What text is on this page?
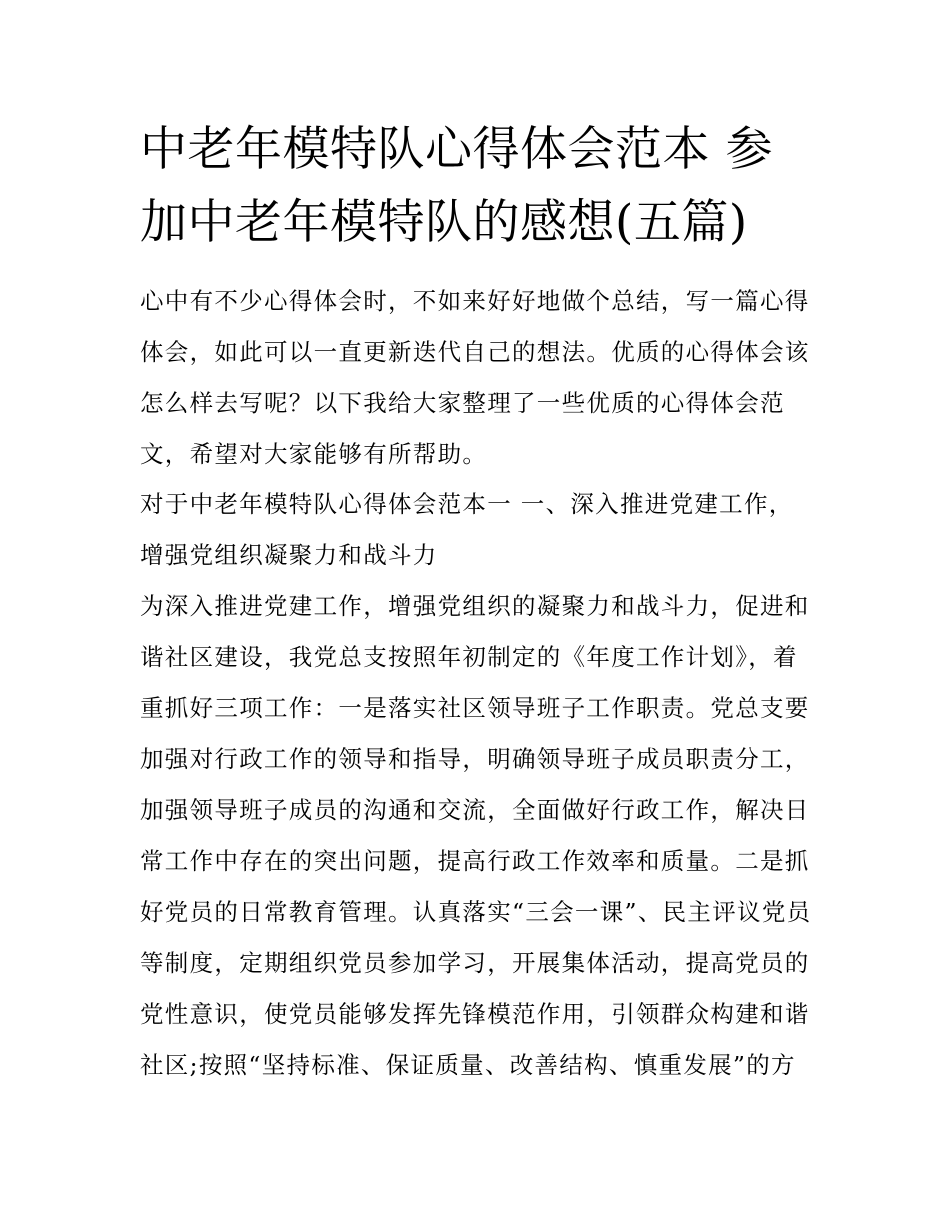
中老年模特队心得体会范本 参加中老年模特队的感想(五篇)

心中有不少心得体会时，不如来好好地做个总结，写一篇心得体会，如此可以一直更新迭代自己的想法。优质的心得体会该怎么样去写呢？以下我给大家整理了一些优质的心得体会范文，希望对大家能够有所帮助。

对于中老年模特队心得体会范本一 一、深入推进党建工作，增强党组织凝聚力和战斗力

为深入推进党建工作，增强党组织的凝聚力和战斗力，促进和谐社区建设，我党总支按照年初制定的《年度工作计划》，着重抓好三项工作：一是落实社区领导班子工作职责。党总支要加强对行政工作的领导和指导，明确领导班子成员职责分工，加强领导班子成员的沟通和交流，全面做好行政工作，解决日常工作中存在的突出问题，提高行政工作效率和质量。二是抓好党员的日常教育管理。认真落实“三会一课”、民主评议党员等制度，定期组织党员参加学习，开展集体活动，提高党员的党性意识，使党员能够发挥先锋模范作用，引领群众构建和谐社区;按照“坚持标准、保证质量、改善结构、慎重发展”的方
